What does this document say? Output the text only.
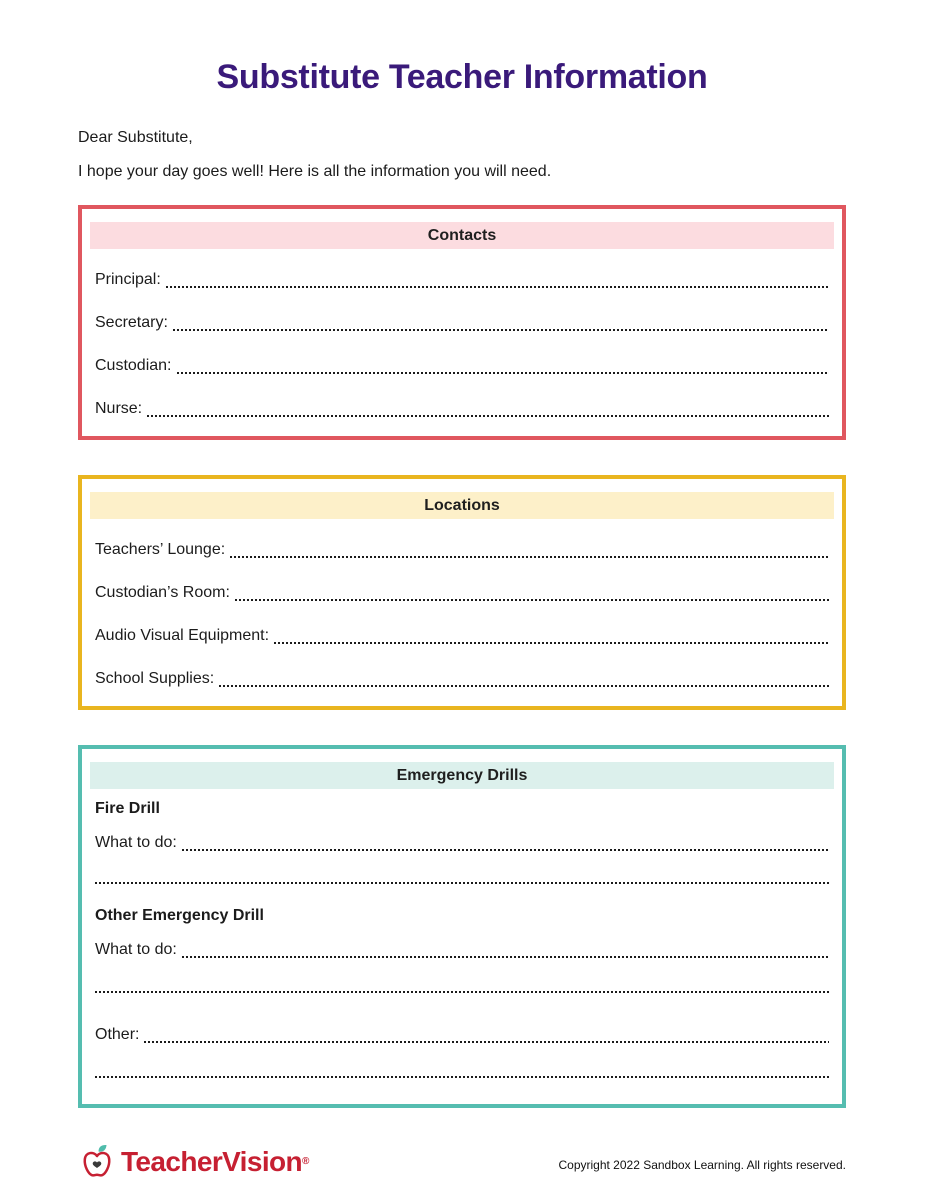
Substitute Teacher Information

Dear Substitute,

I hope your day goes well! Here is all the information you will need.

Contacts
Principal:
Secretary:
Custodian:
Nurse:
Locations
Teachers’ Lounge:
Custodian’s Room:
Audio Visual Equipment:
School Supplies:
Emergency Drills
Fire Drill
What to do:
Other Emergency Drill
What to do:
Other:
TeacherVision ®	Copyright 2022 Sandbox Learning. All rights reserved.
